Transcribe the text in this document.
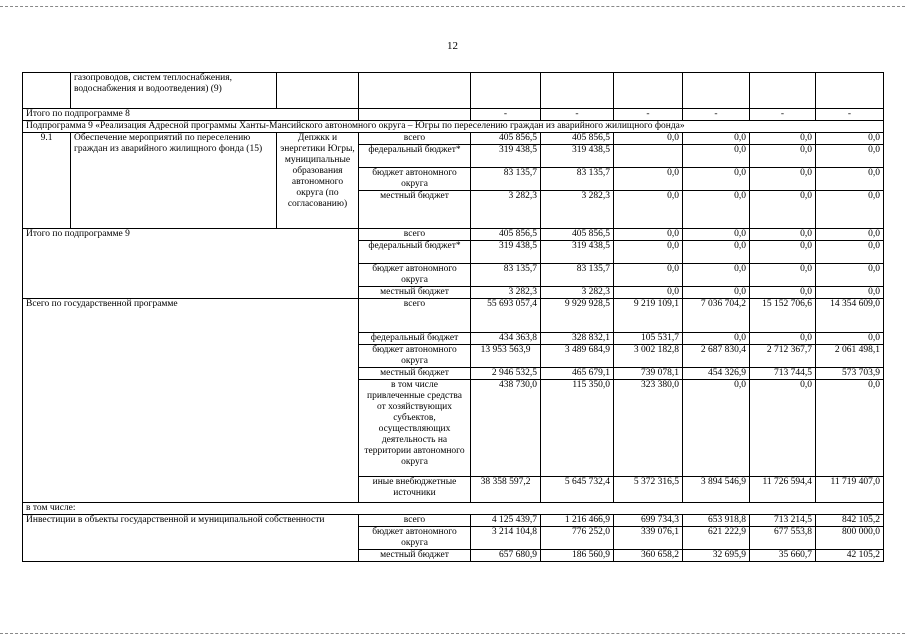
12
	газопроводов, систем теплоснабжения, водоснабжения и водоотведения) (9)								
Итого по подпрограмме 8				-	-	-	-	-	-
Подпрограмма 9 «Реализация Адресной программы Ханты-Мансийского автономного округа – Югры по переселению граждан из аварийного жилищного фонда»									
9.1	Обеспечение мероприятий по переселению граждан из аварийного жилищного фонда (15)	Депжкк и энергетики Югры, муниципальные образования автономного округа (по согласованию)	всего	405 856,5	405 856,5	0,0	0,0	0,0	0,0
			федеральный бюджет*	319 438,5	319 438,5		0,0	0,0	0,0
			бюджет автономного округа	83 135,7	83 135,7	0,0	0,0	0,0	0,0
			местный бюджет	3 282,3	3 282,3	0,0	0,0	0,0	0,0
Итого по подпрограмме 9			всего	405 856,5	405 856,5	0,0	0,0	0,0	0,0
			федеральный бюджет*	319 438,5	319 438,5	0,0	0,0	0,0	0,0
			бюджет автономного округа	83 135,7	83 135,7	0,0	0,0	0,0	0,0
			местный бюджет	3 282,3	3 282,3	0,0	0,0	0,0	0,0
Всего по государственной программе			всего	55 693 057,4	9 929 928,5	9 219 109,1	7 036 704,2	15 152 706,6	14 354 609,0
			федеральный бюджет	434 363,8	328 832,1	105 531,7	0,0	0,0	0,0
			бюджет автономного округа	13 953 563,9	3 489 684,9	3 002 182,8	2 687 830,4	2 712 367,7	2 061 498,1
			местный бюджет	2 946 532,5	465 679,1	739 078,1	454 326,9	713 744,5	573 703,9
			в том числе привлеченные средства от хозяйствующих субъектов, осуществляющих деятельность на территории автономного округа	438 730,0	115 350,0	323 380,0	0,0	0,0	0,0
			иные внебюджетные источники	38 358 597,2	5 645 732,4	5 372 316,5	3 894 546,9	11 726 594,4	11 719 407,0
в том числе:									
Инвестиции в объекты государственной и муниципальной собственности			всего	4 125 439,7	1 216 466,9	699 734,3	653 918,8	713 214,5	842 105,2
			бюджет автономного округа	3 214 104,8	776 252,0	339 076,1	621 222,9	677 553,8	800 000,0
			местный бюджет	657 680,9	186 560,9	360 658,2	32 695,9	35 660,7	42 105,2
